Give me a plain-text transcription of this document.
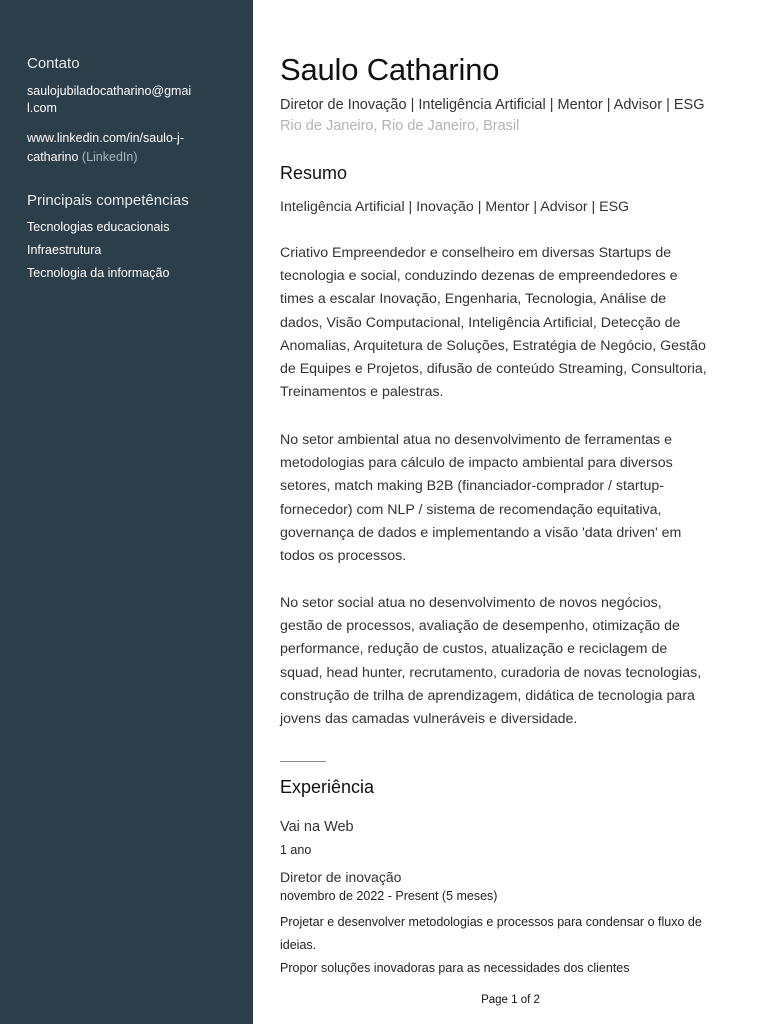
Contato
saulojubiladocatharino@gmai
l.com
www.linkedin.com/in/saulo-j-
catharino (LinkedIn)
Principais competências
Tecnologias educacionais
Infraestrutura
Tecnologia da informação
Saulo Catharino
Diretor de Inovação | Inteligência Artificial | Mentor | Advisor | ESG
Rio de Janeiro, Rio de Janeiro, Brasil
Resumo
Inteligência Artificial | Inovação | Mentor | Advisor | ESG
Criativo Empreendedor e conselheiro em diversas Startups de
tecnologia e social, conduzindo dezenas de empreendedores e
times a escalar Inovação, Engenharia, Tecnologia, Análise de
dados, Visão Computacional, Inteligência Artificial, Detecção de
Anomalias, Arquitetura de Soluções, Estratégia de Negócio, Gestão
de Equipes e Projetos, difusão de conteúdo Streaming, Consultoria,
Treinamentos e palestras.
No setor ambiental atua no desenvolvimento de ferramentas e
metodologias para cálculo de impacto ambiental para diversos
setores, match making B2B (financiador-comprador / startup-
fornecedor) com NLP / sistema de recomendação equitativa,
governança de dados e implementando a visão 'data driven' em
todos os processos.
No setor social atua no desenvolvimento de novos negócios,
gestão de processos, avaliação de desempenho, otimização de
performance, redução de custos, atualização e reciclagem de
squad, head hunter, recrutamento, curadoria de novas tecnologias,
construção de trilha de aprendizagem, didática de tecnologia para
jovens das camadas vulneráveis e diversidade.
Experiência
Vai na Web
1 ano
Diretor de inovação
novembro de 2022 - Present (5 meses)
Projetar e desenvolver metodologias e processos para condensar o fluxo de
ideias.
Propor soluções inovadoras para as necessidades dos clientes
Page 1 of 2
